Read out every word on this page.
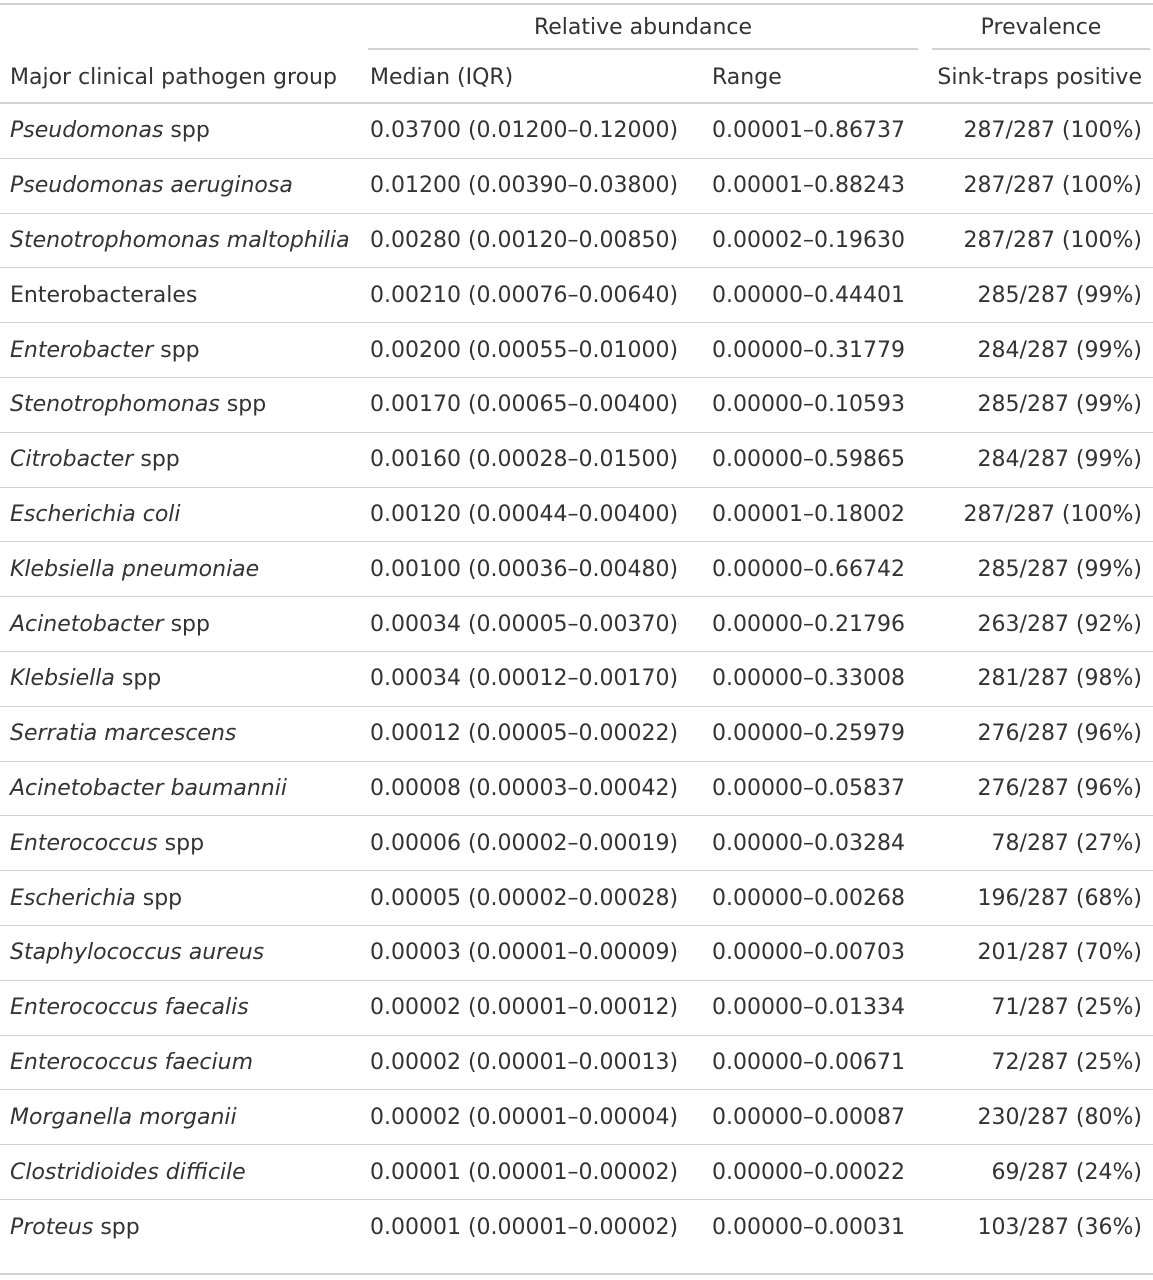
Relative abundance	Prevalence
Major clinical pathogen group	Median (IQR)	Range	Sink-traps positive
Pseudomonas spp	0.03700 (0.01200–0.12000)	0.00001–0.86737	287/287 (100%)
Pseudomonas aeruginosa	0.01200 (0.00390–0.03800)	0.00001–0.88243	287/287 (100%)
Stenotrophomonas maltophilia 0.00280 (0.00120–0.00850)	0.00002–0.19630	287/287 (100%)
Enterobacterales	0.00210 (0.00076–0.00640)	0.00000–0.44401	285/287 (99%)
Enterobacter spp	0.00200 (0.00055–0.01000)	0.00000–0.31779	284/287 (99%)
Stenotrophomonas spp	0.00170 (0.00065–0.00400)	0.00000–0.10593	285/287 (99%)
Citrobacter spp	0.00160 (0.00028–0.01500)	0.00000–0.59865	284/287 (99%)
Escherichia coli	0.00120 (0.00044–0.00400)	0.00001–0.18002	287/287 (100%)
Klebsiella pneumoniae	0.00100 (0.00036–0.00480)	0.00000–0.66742	285/287 (99%)
Acinetobacter spp	0.00034 (0.00005–0.00370)	0.00000–0.21796	263/287 (92%)
Klebsiella spp	0.00034 (0.00012–0.00170)	0.00000–0.33008	281/287 (98%)
Serratia marcescens	0.00012 (0.00005–0.00022)	0.00000–0.25979	276/287 (96%)
Acinetobacter baumannii	0.00008 (0.00003–0.00042)	0.00000–0.05837	276/287 (96%)
Enterococcus spp	0.00006 (0.00002–0.00019)	0.00000–0.03284	78/287 (27%)
Escherichia spp	0.00005 (0.00002–0.00028)	0.00000–0.00268	196/287 (68%)
Staphylococcus aureus	0.00003 (0.00001–0.00009)	0.00000–0.00703	201/287 (70%)
Enterococcus faecalis	0.00002 (0.00001–0.00012)	0.00000–0.01334	71/287 (25%)
Enterococcus faecium	0.00002 (0.00001–0.00013)	0.00000–0.00671	72/287 (25%)
Morganella morganii	0.00002 (0.00001–0.00004)	0.00000–0.00087	230/287 (80%)
Clostridioides difficile	0.00001 (0.00001–0.00002)	0.00000–0.00022	69/287 (24%)
Proteus spp	0.00001 (0.00001–0.00002)	0.00000–0.00031	103/287 (36%)
